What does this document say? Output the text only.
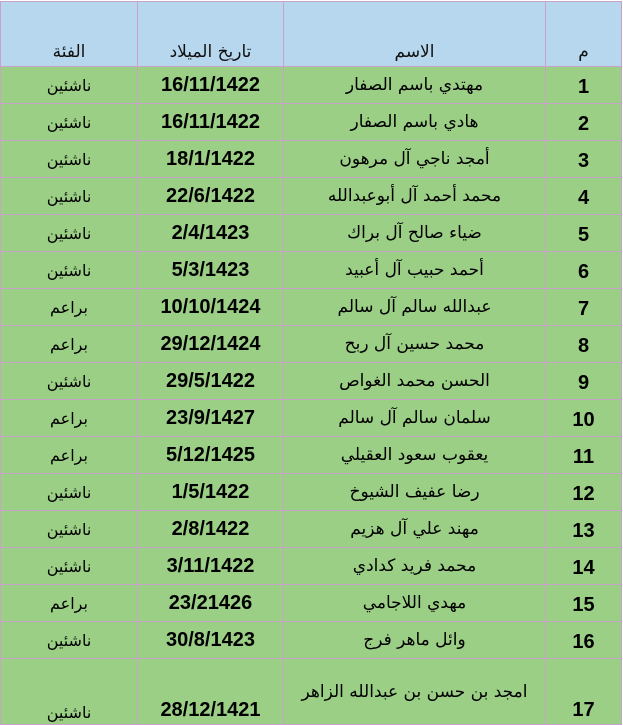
م	الاسم	تاريخ الميلاد	الفئة
1	مهتدي باسم الصفار	16/11/1422	ناشئين
2	هادي باسم الصفار	16/11/1422	ناشئين
3	أمجد ناجي آل مرهون	18/1/1422	ناشئين
4	محمد أحمد آل أبوعبدالله	22/6/1422	ناشئين
5	ضياء صالح آل براك	2/4/1423	ناشئين
6	أحمد حبيب آل أعبيد	5/3/1423	ناشئين
7	عبدالله سالم آل سالم	10/10/1424	براعم
8	محمد حسين آل ربح	29/12/1424	براعم
9	الحسن محمد الغواص	29/5/1422	ناشئين
10	سلمان سالم آل سالم	23/9/1427	براعم
11	يعقوب سعود العقيلي	5/12/1425	براعم
12	رضا عفيف الشيوخ	1/5/1422	ناشئين
13	مهند علي آل هزيم	2/8/1422	ناشئين
14	محمد فريد كدادي	3/11/1422	ناشئين
15	مهدي اللاجامي	23/21426	براعم
16	وائل ماهر فرج	30/8/1423	ناشئين
17	امجد بن حسن بن عبدالله الزاهر	28/12/1421	ناشئين
